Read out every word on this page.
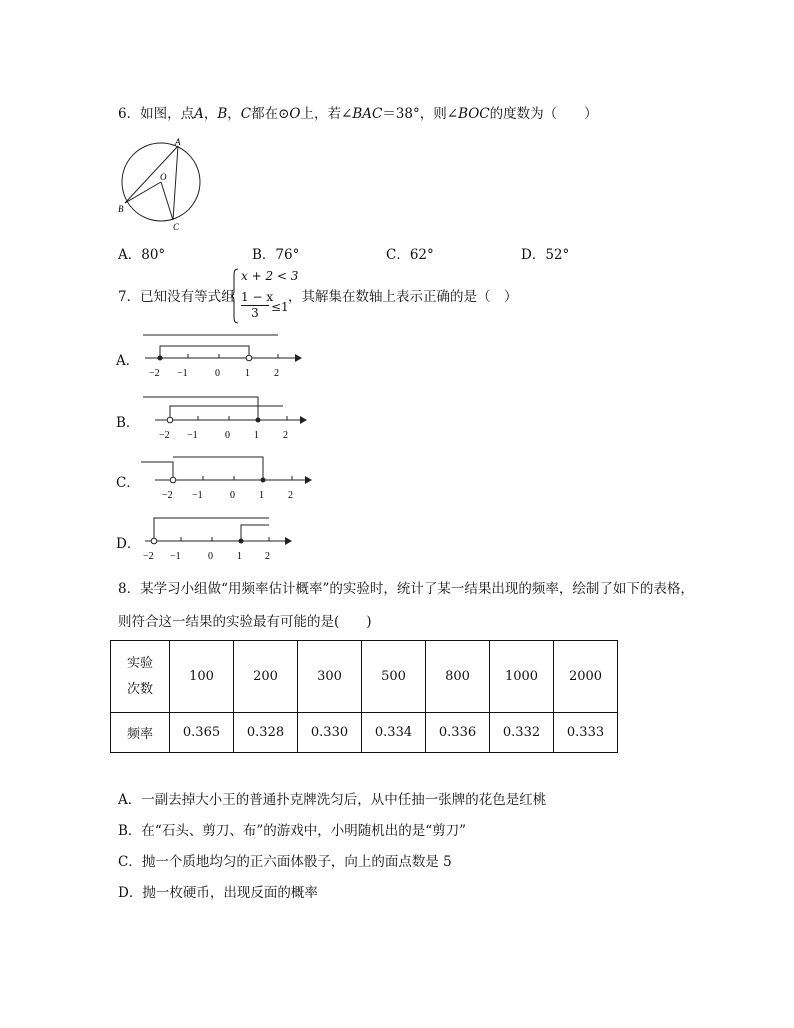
6．如图，点A，B，C都在⊙O上，若∠BAC＝38°，则∠BOC的度数为（　　）
A
B
C
O
A．80°	B．76°	C．62°	D．52°
7．已知没有等式组
x + 2 < 3
$\frac{1 - x}{3} \le 1$
，其解集在数轴上表示正确的是（　）
A．
−2 −1	0	1 2
B．
−2 −1	0 1 2
C．
−2 −1	0 1 2
D．
−2 −1	0 1 2
8．某学习小组做“用频率估计概率”的实验时，统计了某一结果出现的频率，绘制了如下的表格，
则符合这一结果的实验最有可能的是(　　)
实验次数	100	200	300	500	800	1000	2000
频率	0.365	0.328	0.330	0.334	0.336	0.332	0.333
A．一副去掉大小王的普通扑克牌洗匀后，从中任抽一张牌的花色是红桃
B．在“石头、剪刀、布”的游戏中，小明随机出的是“剪刀”
C．抛一个质地均匀的正六面体骰子，向上的面点数是 5
D．抛一枚硬币，出现反面的概率
